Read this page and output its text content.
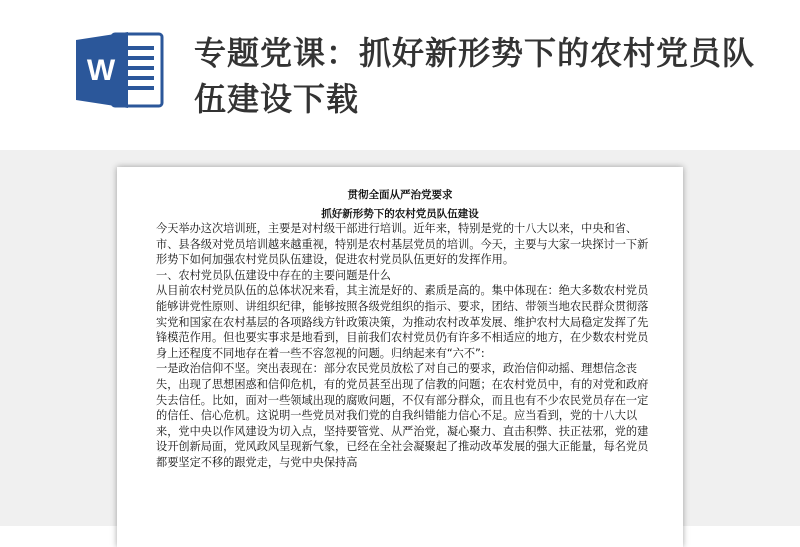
W 专题党课：抓好新形势下的农村党员队伍建设下载
贯彻全面从严治党要求
抓好新形势下的农村党员队伍建设

今天举办这次培训班，主要是对村级干部进行培训。近年来，特别是党的十八大以来，中央和省、市、县各级对党员培训越来越重视，特别是农村基层党员的培训。今天，主要与大家一块探讨一下新形势下如何加强农村党员队伍建设，促进农村党员队伍更好的发挥作用。

一、农村党员队伍建设中存在的主要问题是什么

从目前农村党员队伍的总体状况来看，其主流是好的、素质是高的。集中体现在：绝大多数农村党员能够讲党性原则、讲组织纪律，能够按照各级党组织的指示、要求，团结、带领当地农民群众贯彻落实党和国家在农村基层的各项路线方针政策决策，为推动农村改革发展、维护农村大局稳定发挥了先锋模范作用。但也要实事求是地看到，目前我们农村党员仍有许多不相适应的地方，在少数农村党员身上还程度不同地存在着一些不容忽视的问题。归纳起来有“六不”:

一是政治信仰不坚。突出表现在：部分农民党员放松了对自己的要求，政治信仰动摇、理想信念丧失，出现了思想困惑和信仰危机，有的党员甚至出现了信教的问题；在农村党员中，有的对党和政府失去信任。比如，面对一些领域出现的腐败问题，不仅有部分群众，而且也有不少农民党员存在一定的信任、信心危机。这说明一些党员对我们党的自我纠错能力信心不足。应当看到，党的十八大以来，党中央以作风建设为切入点，坚持要管党、从严治党，凝心聚力、直击积弊、扶正祛邪，党的建设开创新局面，党风政风呈现新气象，已经在全社会凝聚起了推动改革发展的强大正能量，每名党员都要坚定不移的跟党走，与党中央保持高
